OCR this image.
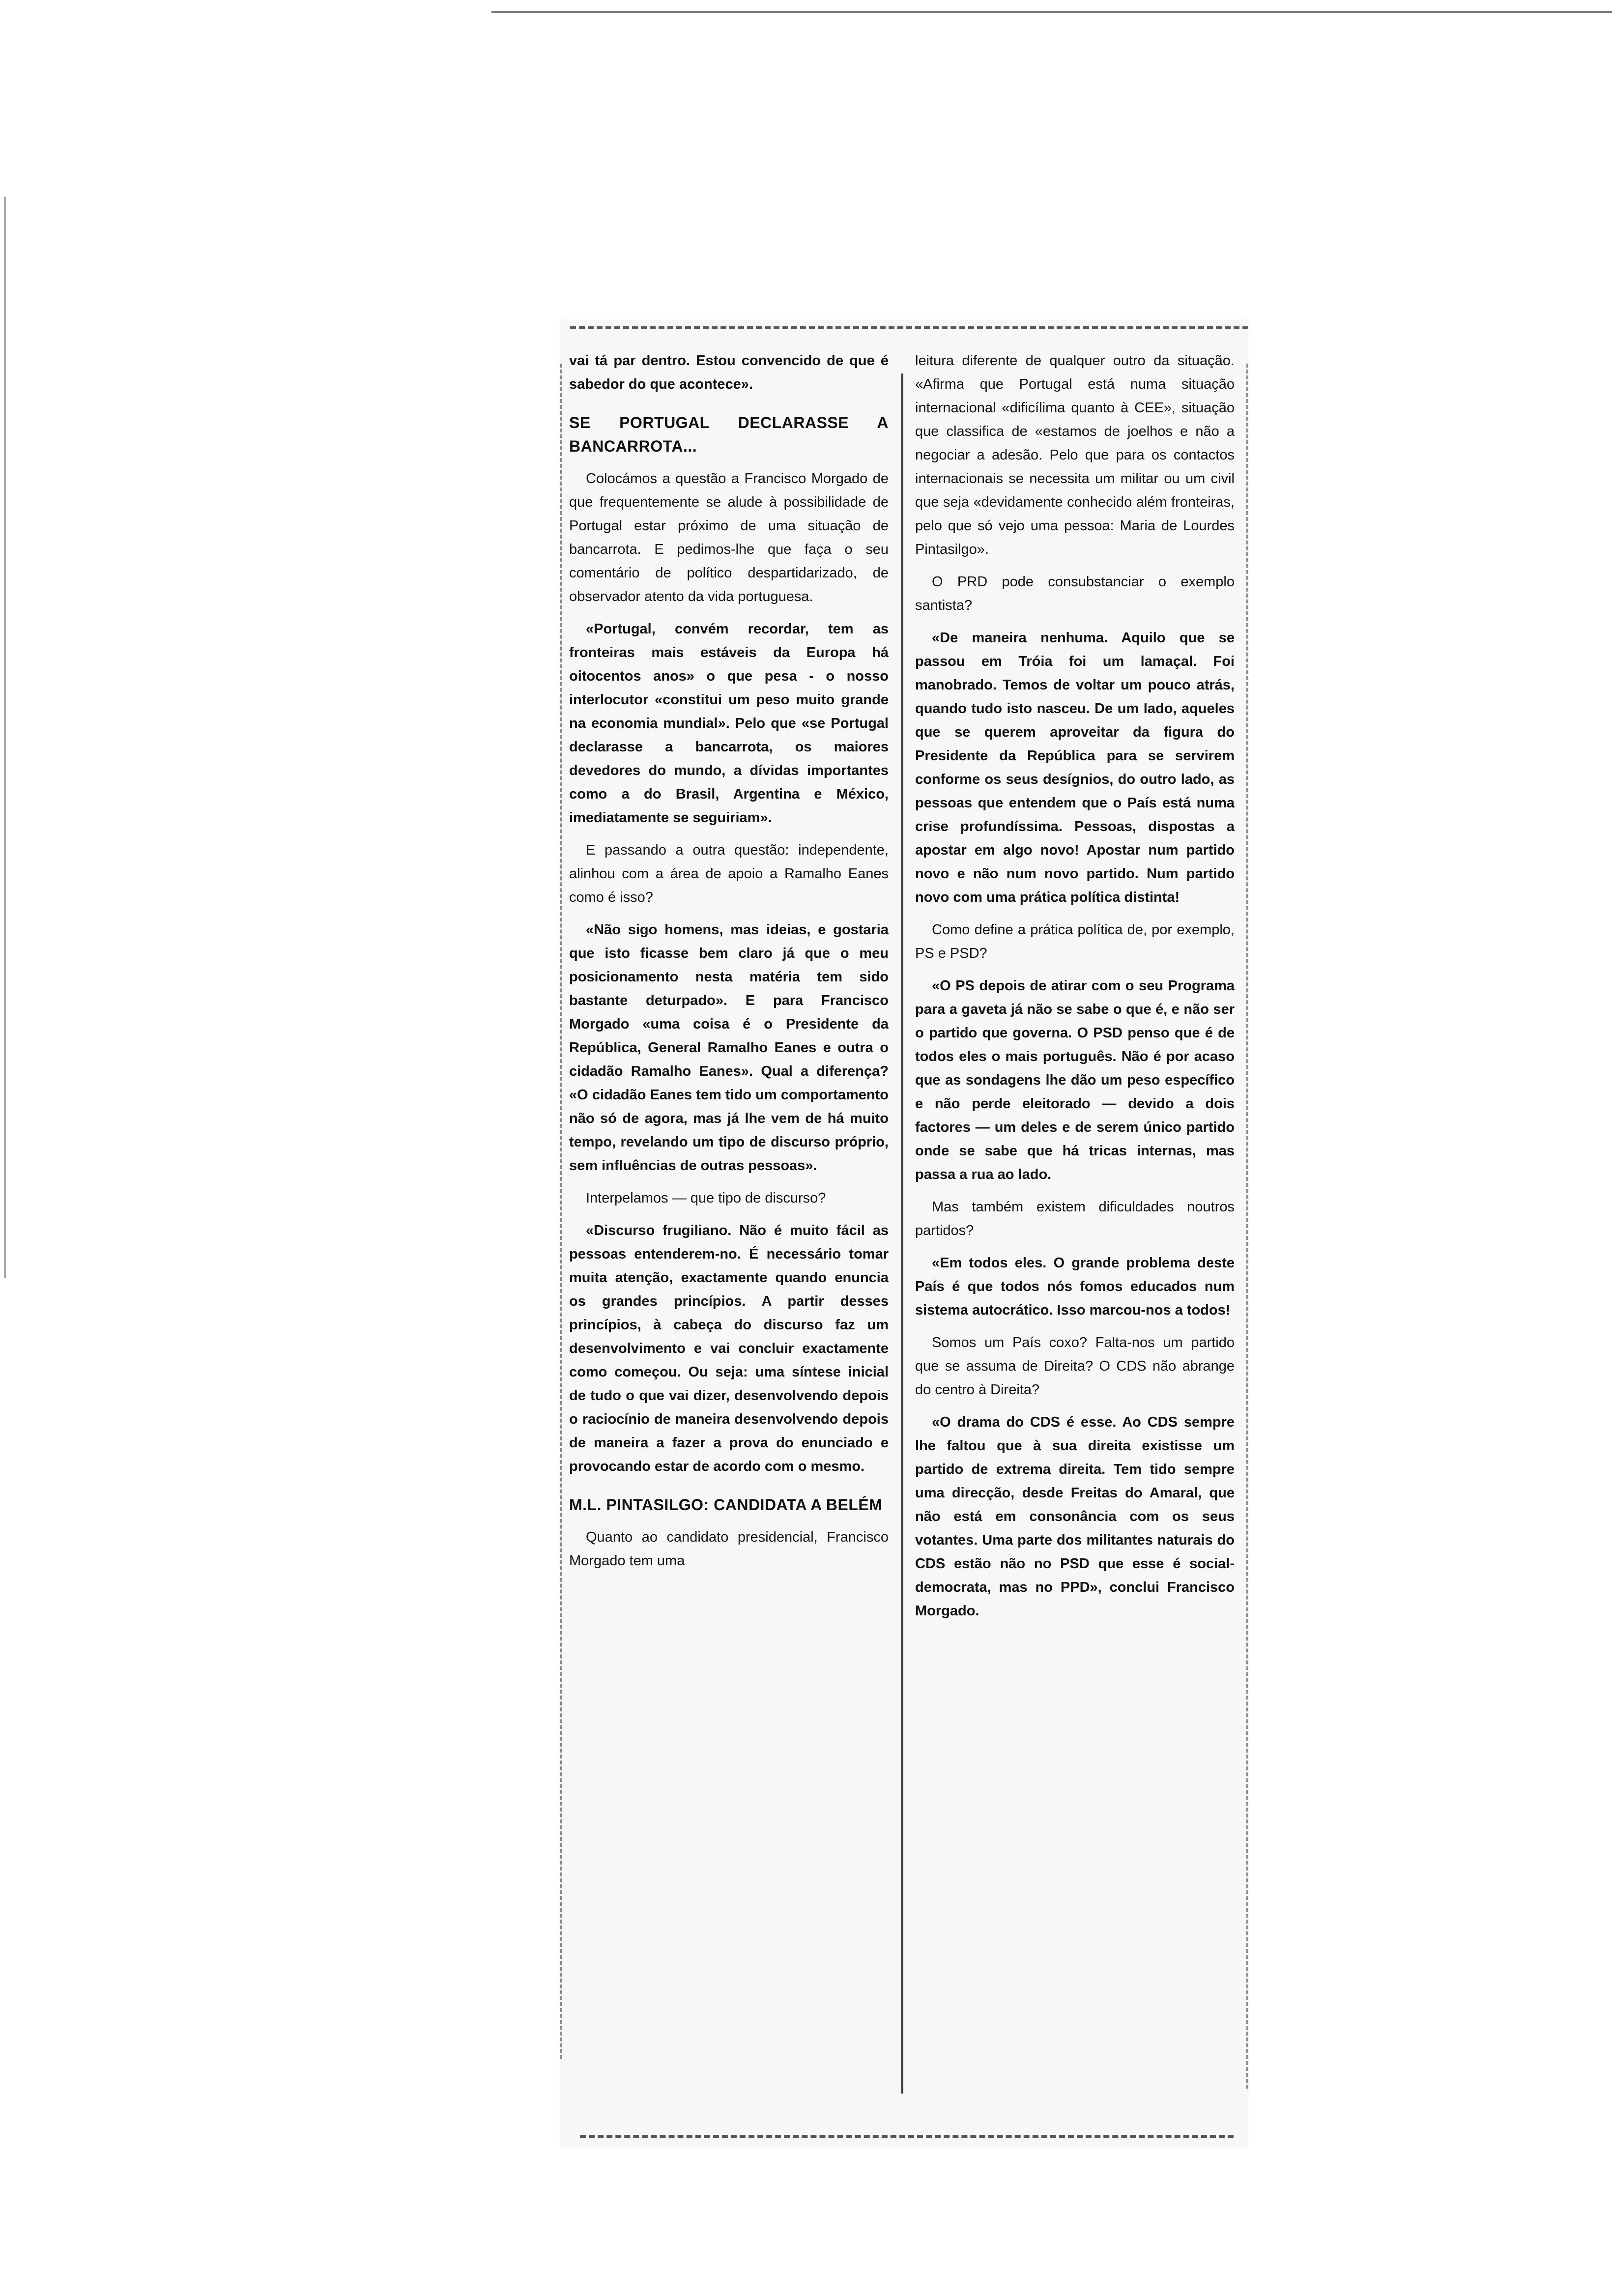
vai tá par dentro. Estou convencido de que é sabedor do que acontece».

SE PORTUGAL DECLARASSE A BANCARROTA...

Colocámos a questão a Francisco Morgado de que frequentemente se alude à possibilidade de Portugal estar próximo de uma situação de bancarrota. E pedimos-lhe que faça o seu comentário de político despartidarizado, de observador atento da vida portuguesa.

«Portugal, convém recordar, tem as fronteiras mais estáveis da Europa há oitocentos anos» o que pesa - o nosso interlocutor «constitui um peso muito grande na economia mundial». Pelo que «se Portugal declarasse a bancarrota, os maiores devedores do mundo, a dívidas importantes como a do Brasil, Argentina e México, imediatamente se seguiriam».

E passando a outra questão: independente, alinhou com a área de apoio a Ramalho Eanes como é isso?

«Não sigo homens, mas ideias, e gostaria que isto ficasse bem claro já que o meu posicionamento nesta matéria tem sido bastante deturpado». E para Francisco Morgado «uma coisa é o Presidente da República, General Ramalho Eanes e outra o cidadão Ramalho Eanes». Qual a diferença? «O cidadão Eanes tem tido um comportamento não só de agora, mas já lhe vem de há muito tempo, revelando um tipo de discurso próprio, sem influências de outras pessoas».

Interpelamos — que tipo de discurso?

«Discurso frugiliano. Não é muito fácil as pessoas entenderem-no. É necessário tomar muita atenção, exactamente quando enuncia os grandes princípios. A partir desses princípios, à cabeça do discurso faz um desenvolvimento e vai concluir exactamente como começou. Ou seja: uma síntese inicial de tudo o que vai dizer, desenvolvendo depois o raciocínio de maneira desenvolvendo depois de maneira a fazer a prova do enunciado e provocando estar de acordo com o mesmo.

M.L. PINTASILGO: CANDIDATA A BELÉM

Quanto ao candidato presidencial, Francisco Morgado tem uma

leitura diferente de qualquer outro da situação. «Afirma que Portugal está numa situação internacional «dificílima quanto à CEE», situação que classifica de «estamos de joelhos e não a negociar a adesão. Pelo que para os contactos internacionais se necessita um militar ou um civil que seja «devidamente conhecido além fronteiras, pelo que só vejo uma pessoa: Maria de Lourdes Pintasilgo».

O PRD pode consubstanciar o exemplo santista?

«De maneira nenhuma. Aquilo que se passou em Tróia foi um lamaçal. Foi manobrado. Temos de voltar um pouco atrás, quando tudo isto nasceu. De um lado, aqueles que se querem aproveitar da figura do Presidente da República para se servirem conforme os seus desígnios, do outro lado, as pessoas que entendem que o País está numa crise profundíssima. Pessoas, dispostas a apostar em algo novo! Apostar num partido novo e não num novo partido. Num partido novo com uma prática política distinta!

Como define a prática política de, por exemplo, PS e PSD?

«O PS depois de atirar com o seu Programa para a gaveta já não se sabe o que é, e não ser o partido que governa. O PSD penso que é de todos eles o mais português. Não é por acaso que as sondagens lhe dão um peso específico e não perde eleitorado — devido a dois factores — um deles e de serem único partido onde se sabe que há tricas internas, mas passa a rua ao lado.

Mas também existem dificuldades noutros partidos?

«Em todos eles. O grande problema deste País é que todos nós fomos educados num sistema autocrático. Isso marcou-nos a todos!

Somos um País coxo? Falta-nos um partido que se assuma de Direita? O CDS não abrange do centro à Direita?

«O drama do CDS é esse. Ao CDS sempre lhe faltou que à sua direita existisse um partido de extrema direita. Tem tido sempre uma direcção, desde Freitas do Amaral, que não está em consonância com os seus votantes. Uma parte dos militantes naturais do CDS estão não no PSD que esse é social-democrata, mas no PPD», conclui Francisco Morgado.
